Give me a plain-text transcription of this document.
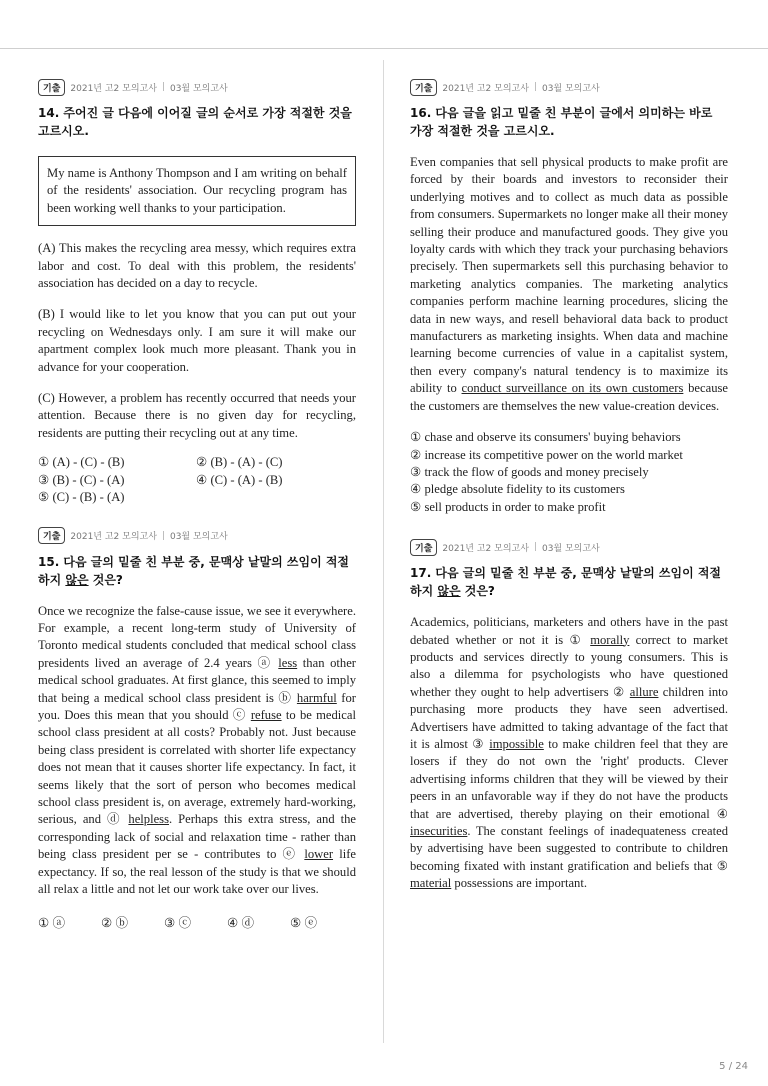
기출	2021년 고2 모의고사 | 03월 모의고사
14. 주어진 글 다음에 이어질 글의 순서로 가장 적절한 것을 고르시오.
My name is Anthony Thompson and I am writing on behalf of the residents' association. Our recycling program has been working well thanks to your participation.
(A) This makes the recycling area messy, which requires extra labor and cost. To deal with this problem, the residents' association has decided on a day to recycle.
(B) I would like to let you know that you can put out your recycling on Wednesdays only. I am sure it will make our apartment complex look much more pleasant. Thank you in advance for your cooperation.
(C) However, a problem has recently occurred that needs your attention. Because there is no given day for recycling, residents are putting their recycling out at any time.
① (A) - (C) - (B)	② (B) - (A) - (C)
③ (B) - (C) - (A)	④ (C) - (A) - (B)
⑤ (C) - (B) - (A)
기출	2021년 고2 모의고사 | 03월 모의고사
15. 다음 글의 밑줄 친 부분 중, 문맥상 낱말의 쓰임이 적절하지 않은 것은?
Once we recognize the false-cause issue, we see it everywhere. For example, a recent long-term study of University of Toronto medical students concluded that medical school class presidents lived an average of 2.4 years ⓐ less than other medical school graduates. At first glance, this seemed to imply that being a medical school class president is ⓑ harmful for you. Does this mean that you should ⓒ refuse to be medical school class president at all costs? Probably not. Just because being class president is correlated with shorter life expectancy does not mean that it causes shorter life expectancy. In fact, it seems likely that the sort of person who becomes medical school class president is, on average, extremely hard-working, serious, and ⓓ helpless. Perhaps this extra stress, and the corresponding lack of social and relaxation time - rather than being class president per se - contributes to ⓔ lower life expectancy. If so, the real lesson of the study is that we should all relax a little and not let our work take over our lives.
① ⓐ	② ⓑ	③ ⓒ	④ ⓓ	⑤ ⓔ
기출	2021년 고2 모의고사 | 03월 모의고사
16. 다음 글을 읽고 밑줄 친 부분이 글에서 의미하는 바로 가장 적절한 것을 고르시오.
Even companies that sell physical products to make profit are forced by their boards and investors to reconsider their underlying motives and to collect as much data as possible from consumers. Supermarkets no longer make all their money selling their produce and manufactured goods. They give you loyalty cards with which they track your purchasing behaviors precisely. Then supermarkets sell this purchasing behavior to marketing analytics companies. The marketing analytics companies perform machine learning procedures, slicing the data in new ways, and resell behavioral data back to product manufacturers as marketing insights. When data and machine learning become currencies of value in a capitalist system, then every company's natural tendency is to maximize its ability to conduct surveillance on its own customers because the customers are themselves the new value-creation devices.
① chase and observe its consumers' buying behaviors
② increase its competitive power on the world market
③ track the flow of goods and money precisely
④ pledge absolute fidelity to its customers
⑤ sell products in order to make profit
기출	2021년 고2 모의고사 | 03월 모의고사
17. 다음 글의 밑줄 친 부분 중, 문맥상 낱말의 쓰임이 적절하지 않은 것은?
Academics, politicians, marketers and others have in the past debated whether or not it is ① morally correct to market products and services directly to young consumers. This is also a dilemma for psychologists who have questioned whether they ought to help advertisers ② allure children into purchasing more products they have seen advertised. Advertisers have admitted to taking advantage of the fact that it is almost ③ impossible to make children feel that they are losers if they do not own the 'right' products. Clever advertising informs children that they will be viewed by their peers in an unfavorable way if they do not have the products that are advertised, thereby playing on their emotional ④ insecurities. The constant feelings of inadequateness created by advertising have been suggested to contribute to children becoming fixated with instant gratification and beliefs that ⑤ material possessions are important.
5 / 24
